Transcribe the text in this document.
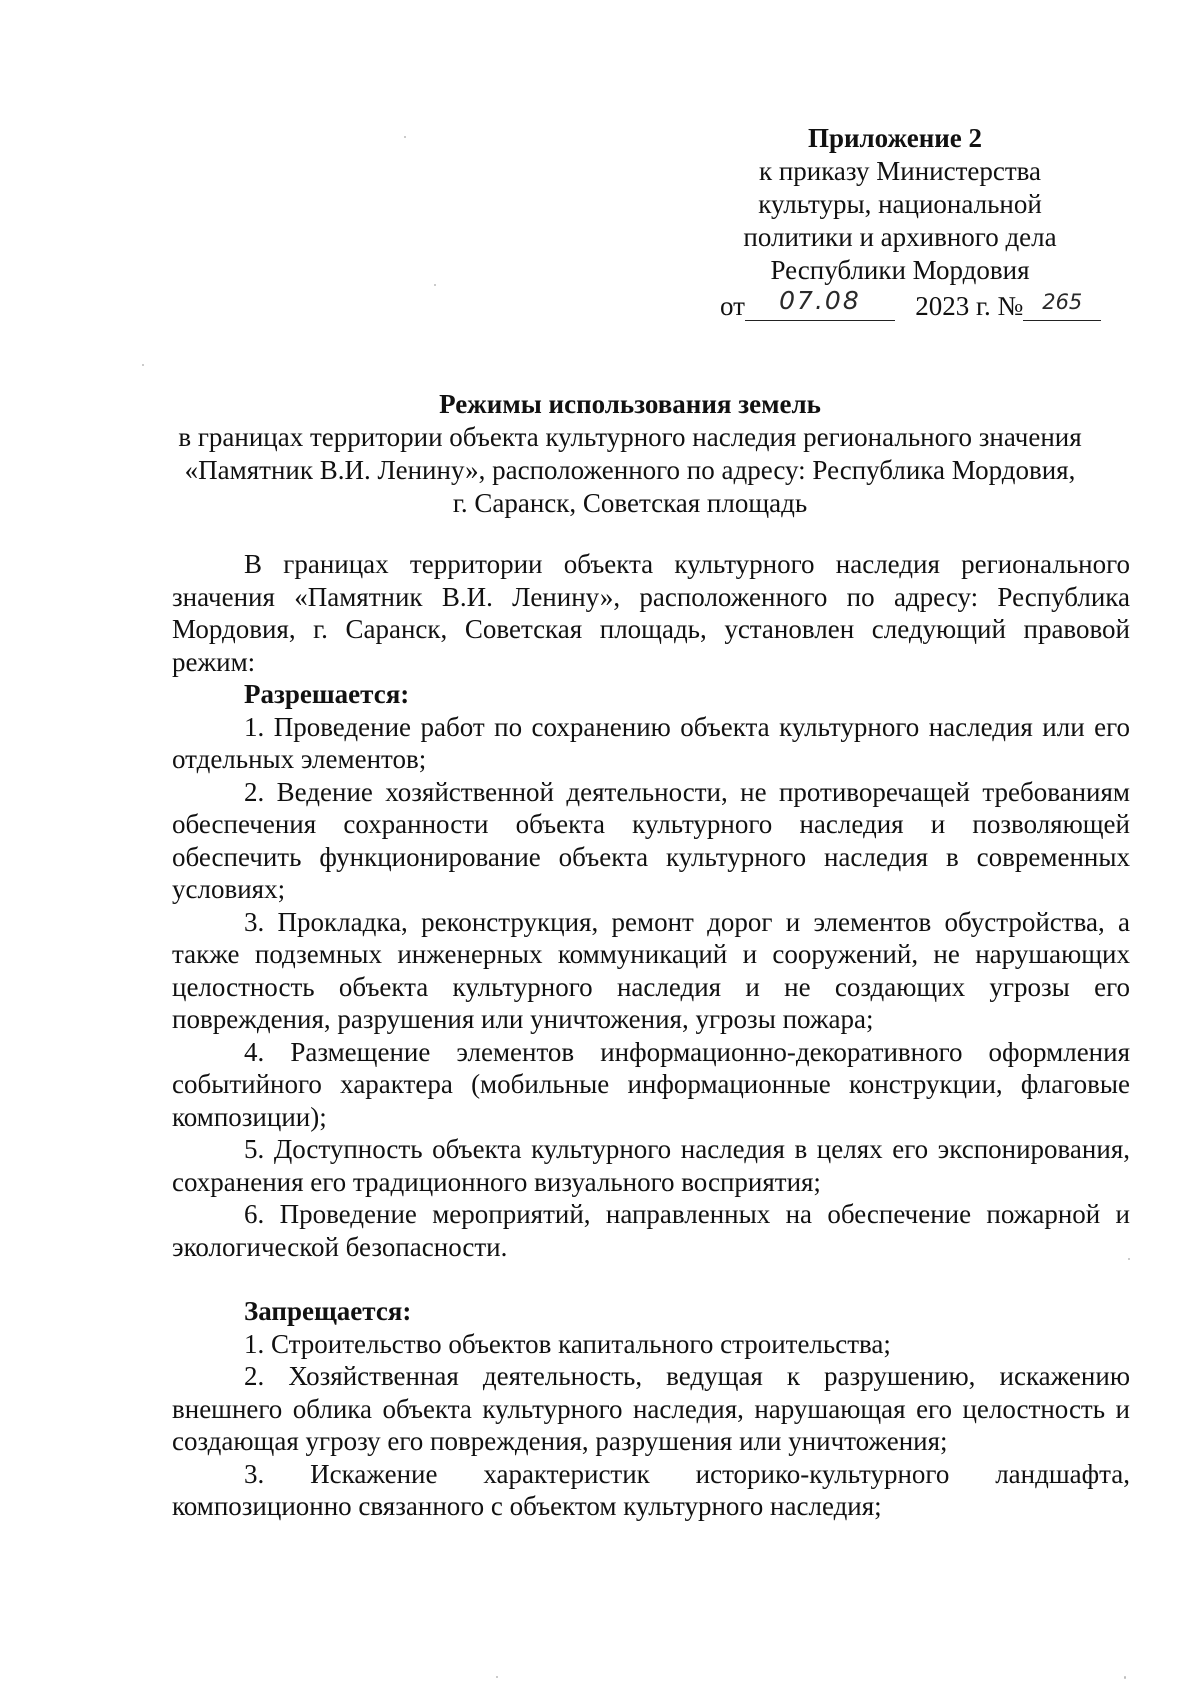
Приложение 2
к приказу Министерства
культуры, национальной
политики и архивного дела
Республики Мордовия
от 07.08 2023 г. № $^{265}$
Режимы использования земель
в границах территории объекта культурного наследия регионального значения
«Памятник В.И. Ленину», расположенного по адресу: Республика Мордовия,
г. Саранск, Советская площадь

В границах территории объекта культурного наследия регионального значения «Памятник В.И. Ленину», расположенного по адресу: Республика Мордовия, г. Саранск, Советская площадь, установлен следующий правовой режим:

Разрешается:

1. Проведение работ по сохранению объекта культурного наследия или его отдельных элементов;

2. Ведение хозяйственной деятельности, не противоречащей требованиям обеспечения сохранности объекта культурного наследия и позволяющей обеспечить функционирование объекта культурного наследия в современных условиях;

3. Прокладка, реконструкция, ремонт дорог и элементов обустройства, а также подземных инженерных коммуникаций и сооружений, не нарушающих целостность объекта культурного наследия и не создающих угрозы его повреждения, разрушения или уничтожения, угрозы пожара;

4. Размещение элементов информационно-декоративного оформления событийного характера (мобильные информационные конструкции, флаговые композиции);

5. Доступность объекта культурного наследия в целях его экспонирования, сохранения его традиционного визуального восприятия;

6. Проведение мероприятий, направленных на обеспечение пожарной и экологической безопасности.

Запрещается:

1. Строительство объектов капитального строительства;

2. Хозяйственная деятельность, ведущая к разрушению, искажению внешнего облика объекта культурного наследия, нарушающая его целостность и создающая угрозу его повреждения, разрушения или уничтожения;

3. Искажение характеристик историко-культурного ландшафта, композиционно связанного с объектом культурного наследия;
